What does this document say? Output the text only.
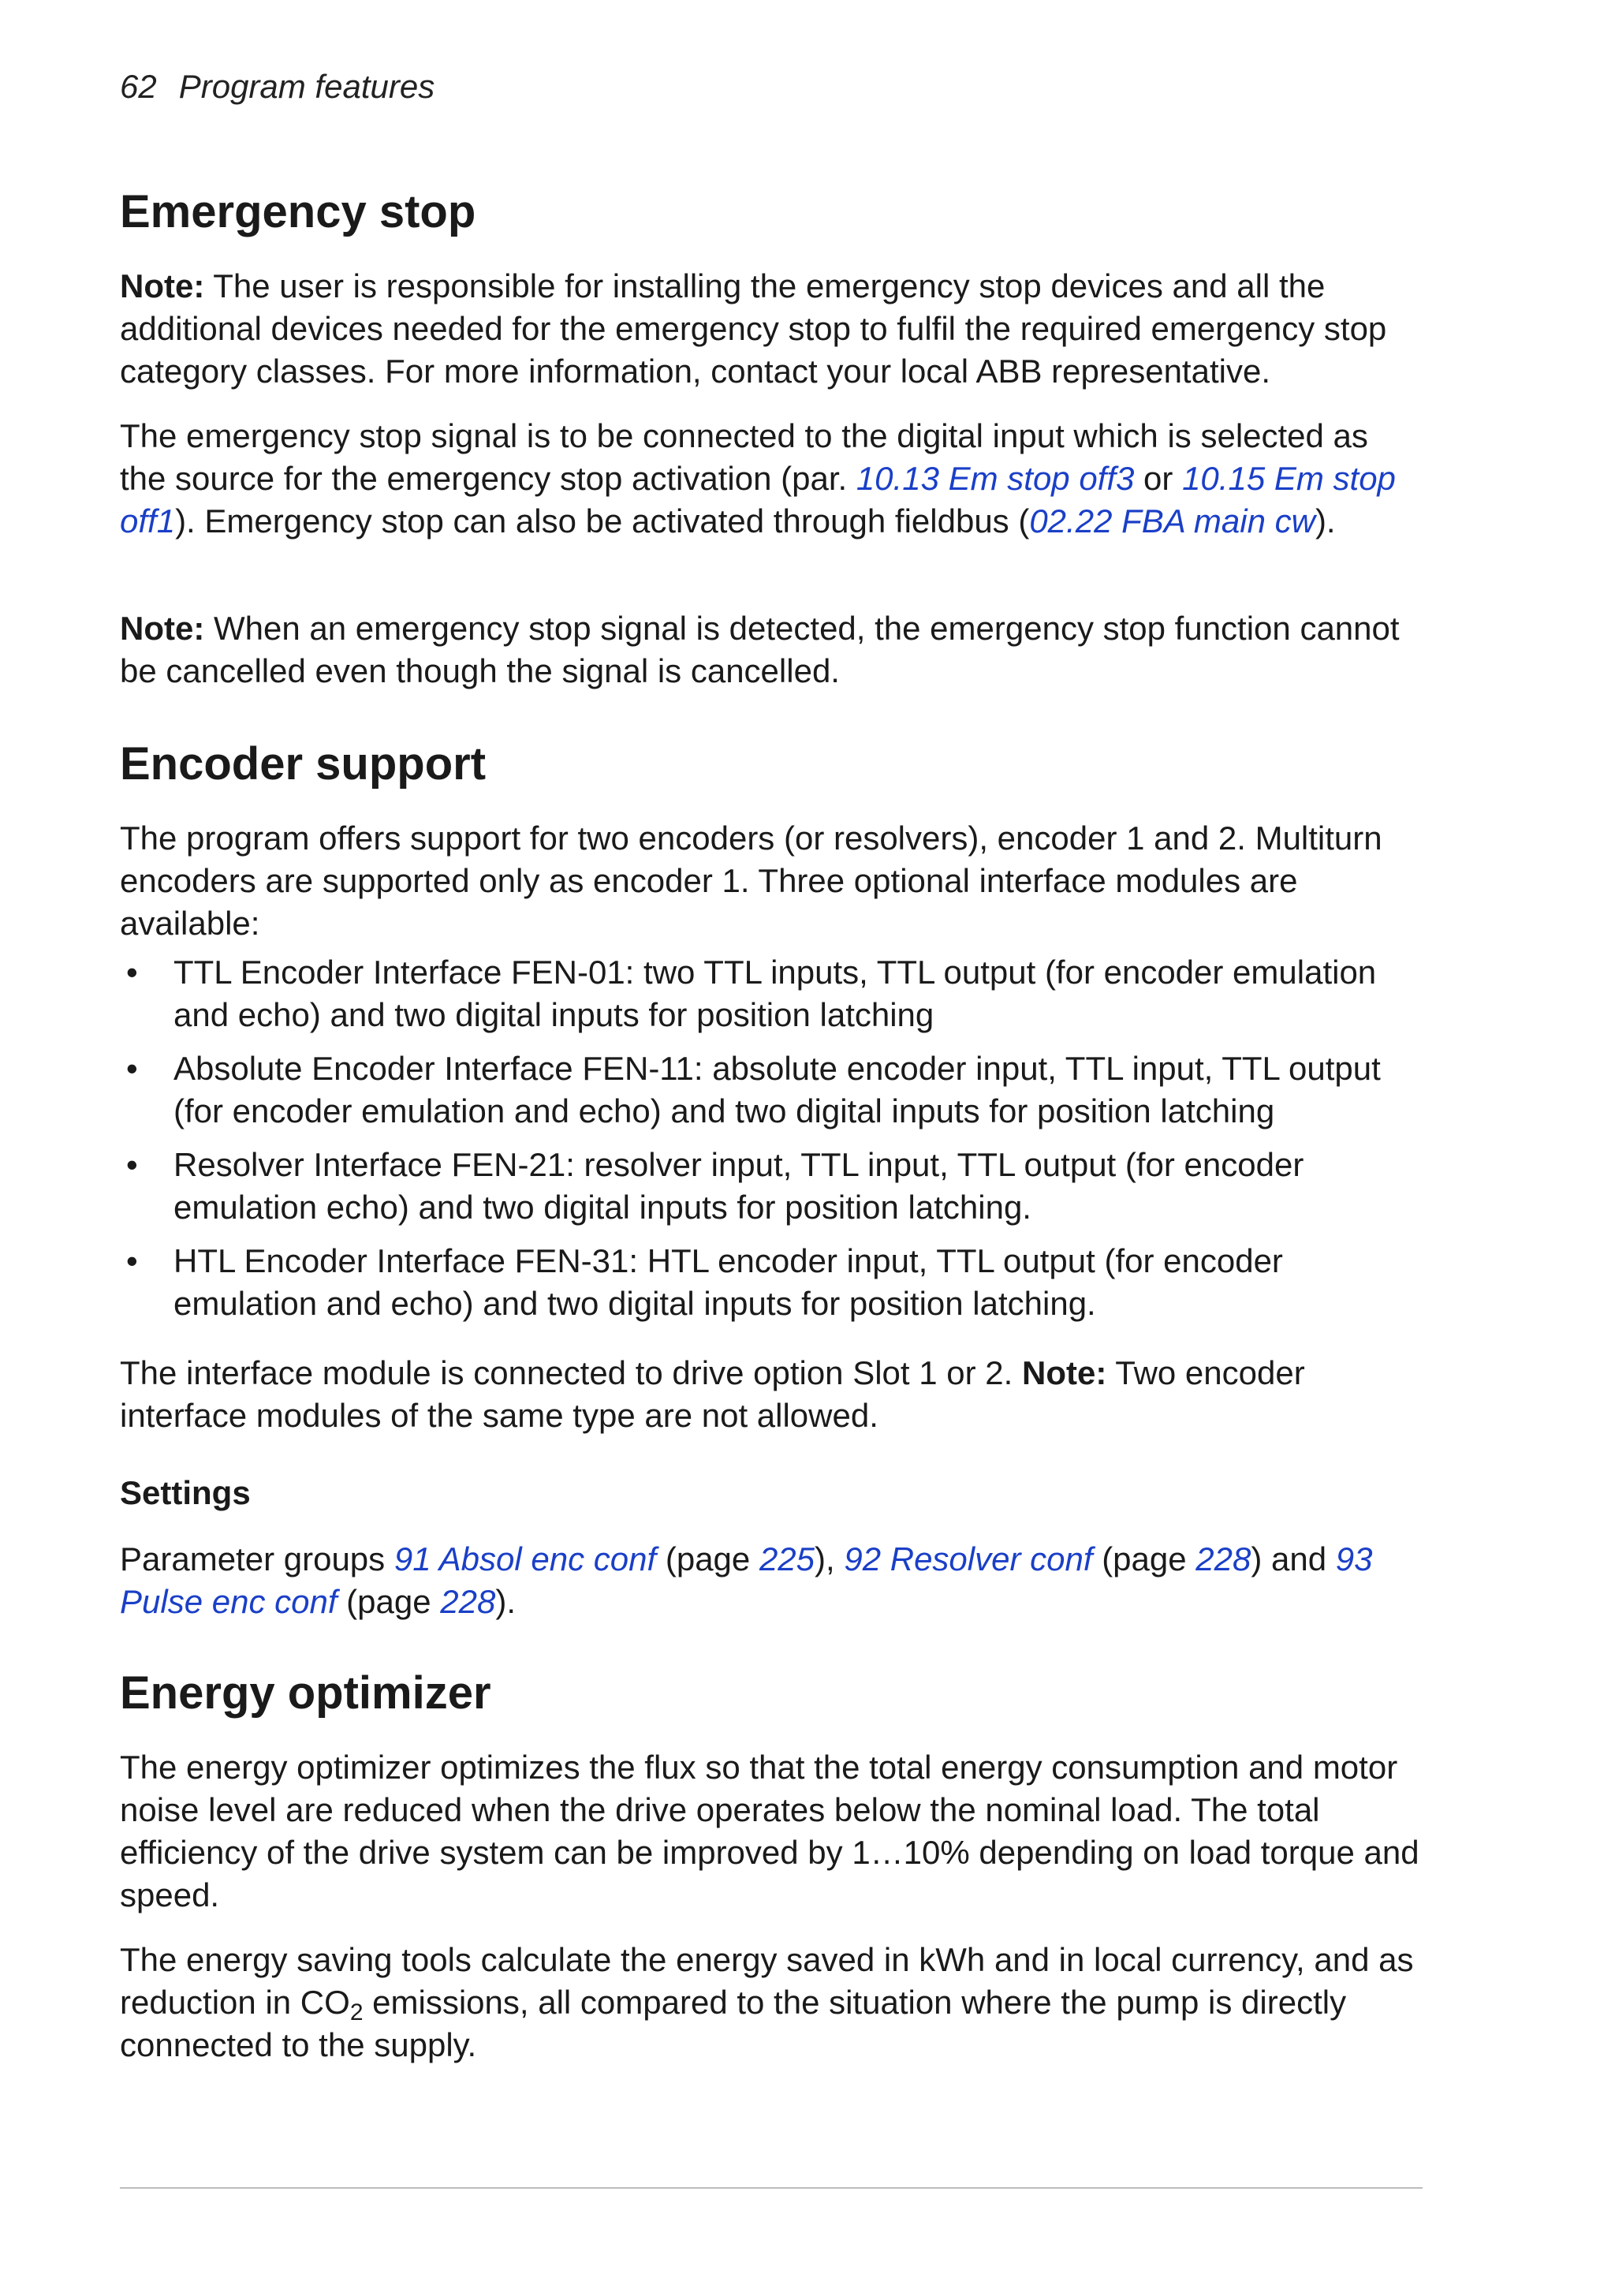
62 Program features
Emergency stop

Note: The user is responsible for installing the emergency stop devices and all the additional devices needed for the emergency stop to fulfil the required emergency stop category classes. For more information, contact your local ABB representative.

The emergency stop signal is to be connected to the digital input which is selected as the source for the emergency stop activation (par. 10.13 Em stop off3 or 10.15 Em stop off1). Emergency stop can also be activated through fieldbus (02.22 FBA main cw).

Note: When an emergency stop signal is detected, the emergency stop function cannot be cancelled even though the signal is cancelled.

Encoder support

The program offers support for two encoders (or resolvers), encoder 1 and 2. Multiturn encoders are supported only as encoder 1. Three optional interface modules are available:

• TTL Encoder Interface FEN-01: two TTL inputs, TTL output (for encoder emulation and echo) and two digital inputs for position latching
• Absolute Encoder Interface FEN-11: absolute encoder input, TTL input, TTL output (for encoder emulation and echo) and two digital inputs for position latching
• Resolver Interface FEN-21: resolver input, TTL input, TTL output (for encoder emulation echo) and two digital inputs for position latching.
• HTL Encoder Interface FEN-31: HTL encoder input, TTL output (for encoder emulation and echo) and two digital inputs for position latching.

The interface module is connected to drive option Slot 1 or 2. Note: Two encoder interface modules of the same type are not allowed.

Settings

Parameter groups 91 Absol enc conf (page 225), 92 Resolver conf (page 228) and 93 Pulse enc conf (page 228).

Energy optimizer

The energy optimizer optimizes the flux so that the total energy consumption and motor noise level are reduced when the drive operates below the nominal load. The total efficiency of the drive system can be improved by 1…10% depending on load torque and speed.

The energy saving tools calculate the energy saved in kWh and in local currency, and as reduction in $CO_2$ emissions, all compared to the situation where the pump is directly connected to the supply.
